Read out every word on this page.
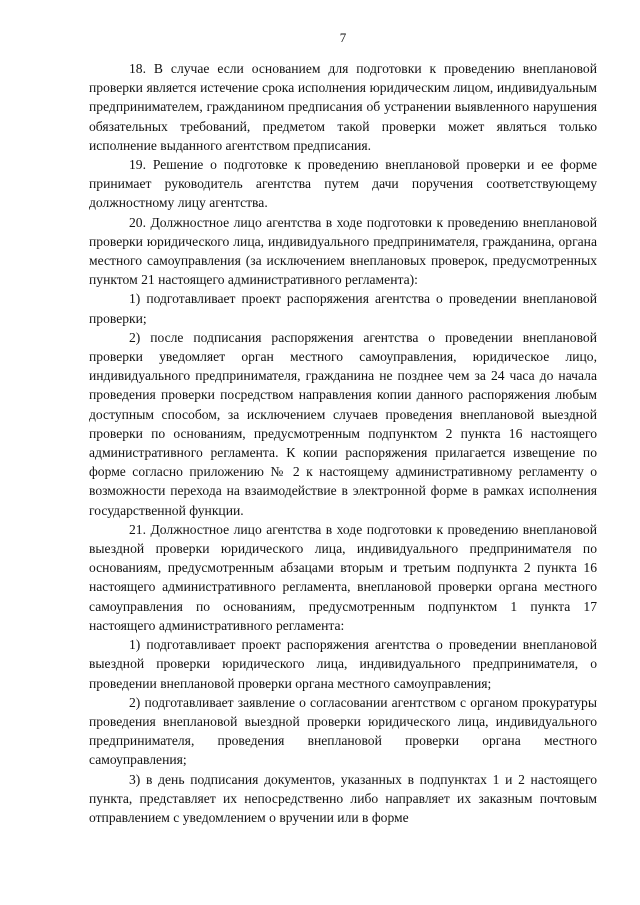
7

18. В случае если основанием для подготовки к проведению внеплановой проверки является истечение срока исполнения юридическим лицом, индивидуальным предпринимателем, гражданином предписания об устранении выявленного нарушения обязательных требований, предметом такой проверки может являться только исполнение выданного агентством предписания.

19. Решение о подготовке к проведению внеплановой проверки и ее форме принимает руководитель агентства путем дачи поручения соответствующему должностному лицу агентства.

20. Должностное лицо агентства в ходе подготовки к проведению внеплановой проверки юридического лица, индивидуального предпринимателя, гражданина, органа местного самоуправления (за исключением внеплановых проверок, предусмотренных пунктом 21 настоящего административного регламента):

1) подготавливает проект распоряжения агентства о проведении внеплановой проверки;

2) после подписания распоряжения агентства о проведении внеплановой проверки уведомляет орган местного самоуправления, юридическое лицо, индивидуального предпринимателя, гражданина не позднее чем за 24 часа до начала проведения проверки посредством направления копии данного распоряжения любым доступным способом, за исключением случаев проведения внеплановой выездной проверки по основаниям, предусмотренным подпунктом 2 пункта 16 настоящего административного регламента. К копии распоряжения прилагается извещение по форме согласно приложению № 2 к настоящему административному регламенту о возможности перехода на взаимодействие в электронной форме в рамках исполнения государственной функции.

21. Должностное лицо агентства в ходе подготовки к проведению внеплановой выездной проверки юридического лица, индивидуального предпринимателя по основаниям, предусмотренным абзацами вторым и третьим подпункта 2 пункта 16 настоящего административного регламента, внеплановой проверки органа местного самоуправления по основаниям, предусмотренным подпунктом 1 пункта 17 настоящего административного регламента:

1) подготавливает проект распоряжения агентства о проведении внеплановой выездной проверки юридического лица, индивидуального предпринимателя, о проведении внеплановой проверки органа местного самоуправления;

2) подготавливает заявление о согласовании агентством с органом прокуратуры проведения внеплановой выездной проверки юридического лица, индивидуального предпринимателя, проведения внеплановой проверки органа местного самоуправления;

3) в день подписания документов, указанных в подпунктах 1 и 2 настоящего пункта, представляет их непосредственно либо направляет их заказным почтовым отправлением с уведомлением о вручении или в форме
